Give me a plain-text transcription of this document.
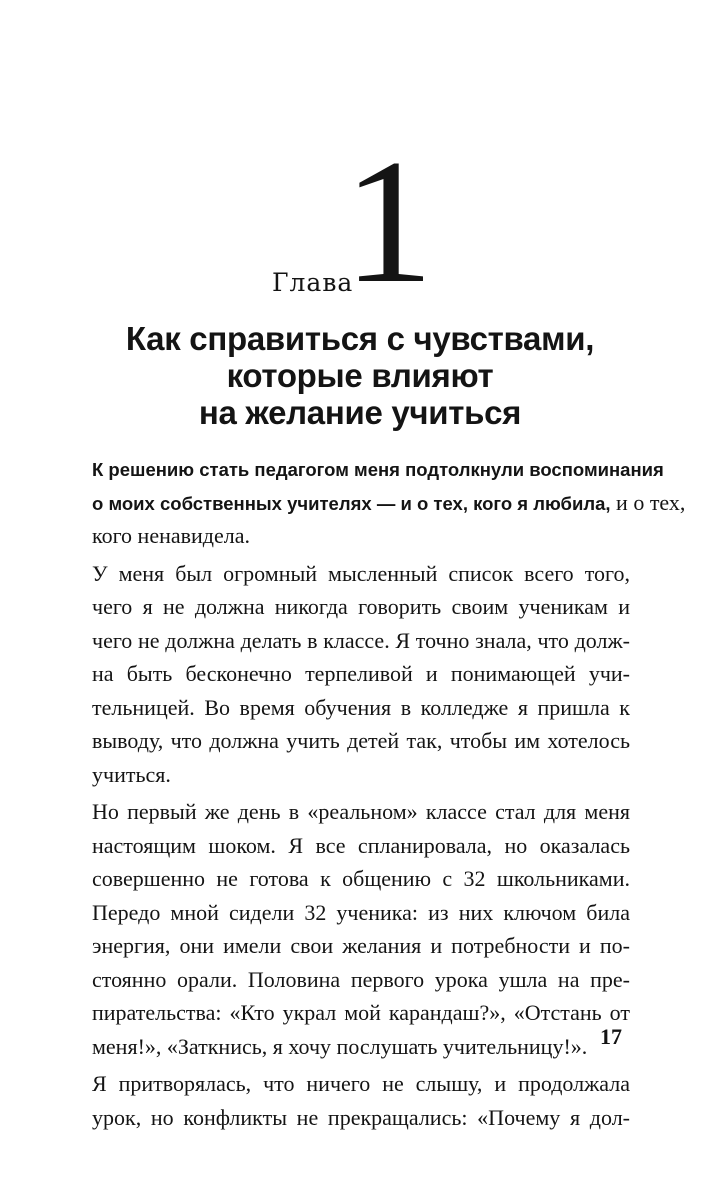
Глава
1
Как справиться с чувствами,
которые влияют
на желание учиться
К решению стать педагогом меня подтолкнули воспоминания
о моих собственных учителях — и о тех, кого я любила, и о тех,
кого ненавидела.
У меня был огромный мысленный список всего того,
чего я не должна никогда говорить своим ученикам и
чего не должна делать в классе. Я точно знала, что долж-
на быть бесконечно терпеливой и понимающей учи-
тельницей. Во время обучения в колледже я пришла к
выводу, что должна учить детей так, чтобы им хотелось
учиться.
Но первый же день в «реальном» классе стал для меня
настоящим шоком. Я все спланировала, но оказалась
совершенно не готова к общению с 32 школьниками.
Передо мной сидели 32 ученика: из них ключом била
энергия, они имели свои желания и потребности и по-
стоянно орали. Половина первого урока ушла на пре-
пирательства: «Кто украл мой карандаш?», «Отстань от
меня!», «Заткнись, я хочу послушать учительницу!».
Я притворялась, что ничего не слышу, и продолжала
урок, но конфликты не прекращались: «Почему я дол-
17
